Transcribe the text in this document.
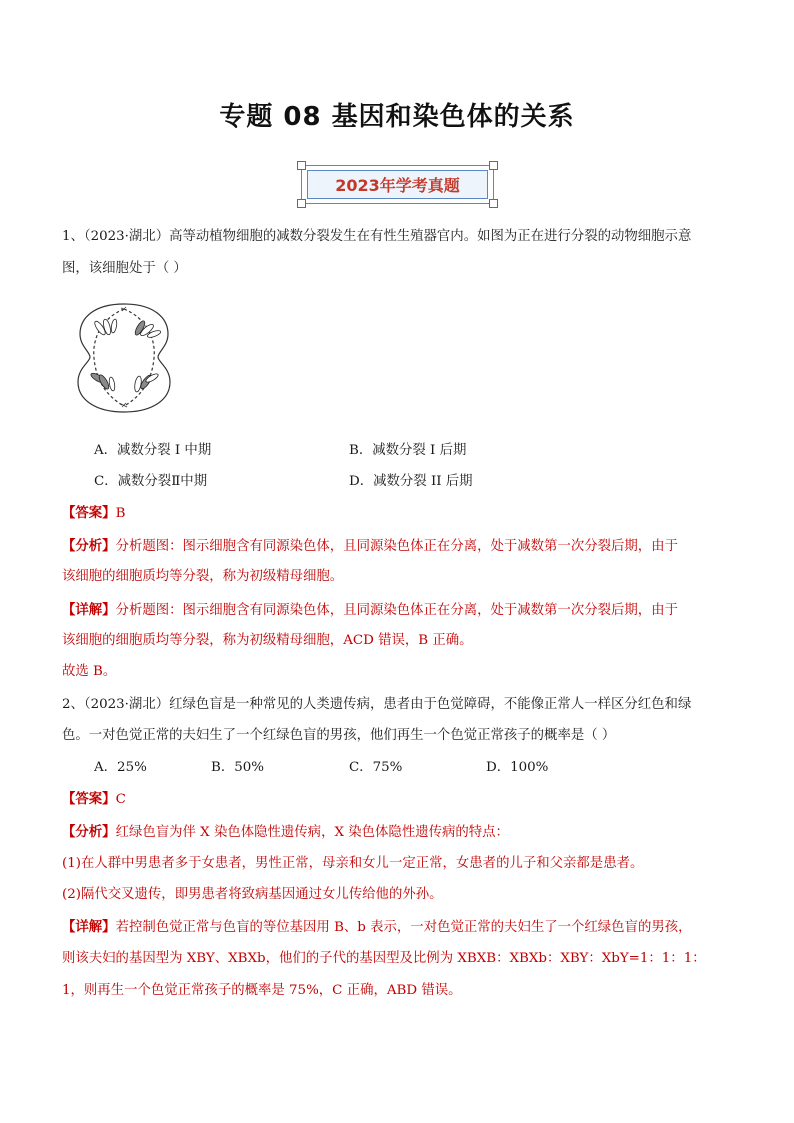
专题 08 基因和染色体的关系
2023年学考真题
1、（2023·湖北）高等动植物细胞的减数分裂发生在有性生殖器官内。如图为正在进行分裂的动物细胞示意
图，该细胞处于（ ）
A．减数分裂 I 中期	B．减数分裂 I 后期
C．减数分裂Ⅱ中期	D．减数分裂 II 后期
【答案】B
【分析】分析题图：图示细胞含有同源染色体，且同源染色体正在分离，处于减数第一次分裂后期，由于
该细胞的细胞质均等分裂，称为初级精母细胞。
【详解】分析题图：图示细胞含有同源染色体，且同源染色体正在分离，处于减数第一次分裂后期，由于
该细胞的细胞质均等分裂，称为初级精母细胞，ACD 错误，B 正确。
故选 B。
2、（2023·湖北）红绿色盲是一种常见的人类遗传病，患者由于色觉障碍，不能像正常人一样区分红色和绿
色。一对色觉正常的夫妇生了一个红绿色盲的男孩，他们再生一个色觉正常孩子的概率是（ ）
A．25%	B．50%	C．75%	D．100%
【答案】C
【分析】红绿色盲为伴 X 染色体隐性遗传病，X 染色体隐性遗传病的特点：
(1)在人群中男患者多于女患者，男性正常，母亲和女儿一定正常，女患者的儿子和父亲都是患者。
(2)隔代交叉遗传，即男患者将致病基因通过女儿传给他的外孙。
【详解】若控制色觉正常与色盲的等位基因用 B、b 表示，一对色觉正常的夫妇生了一个红绿色盲的男孩，
则该夫妇的基因型为 XBY、XBXb，他们的子代的基因型及比例为 XBXB：XBXb：XBY：XbY=1：1：1：
1，则再生一个色觉正常孩子的概率是 75%，C 正确，ABD 错误。
